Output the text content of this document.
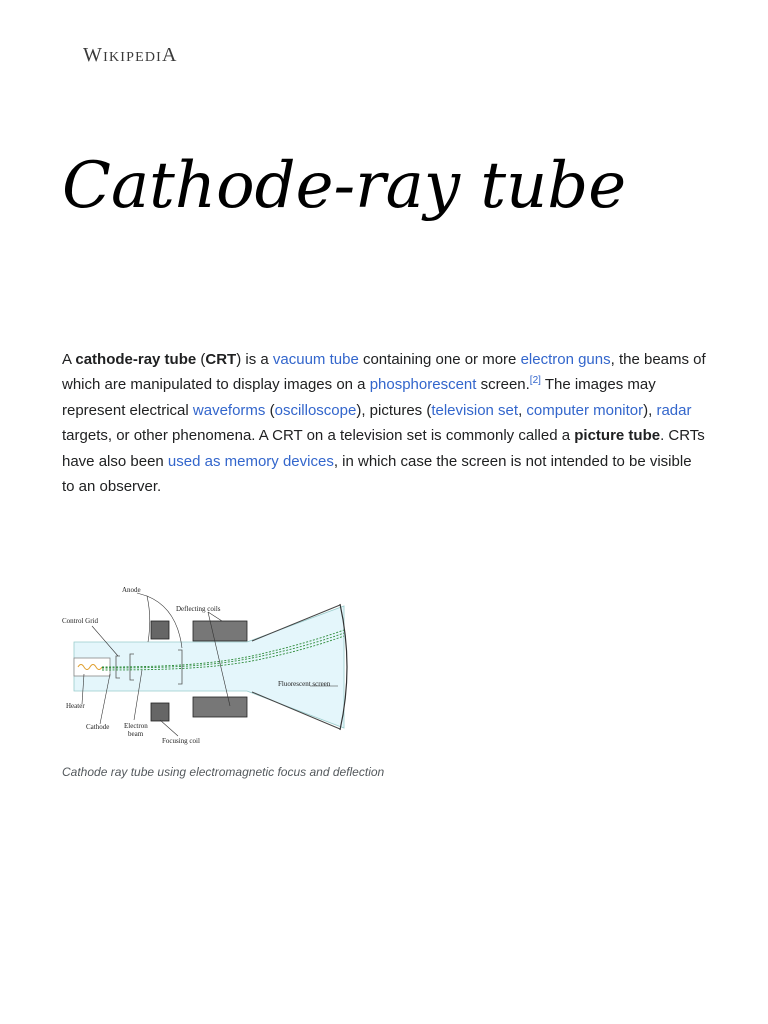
WikipediA
Cathode-ray tube

A cathode-ray tube (CRT) is a vacuum tube containing one or more electron guns, the beams of which are manipulated to display images on a phosphorescent screen.[2] The images may represent electrical waveforms (oscilloscope), pictures (television set, computer monitor), radar targets, or other phenomena. A CRT on a television set is commonly called a picture tube. CRTs have also been used as memory devices, in which case the screen is not intended to be visible to an observer.

Anode
Deflecting coils
Control Grid
Fluorescent screen
Heater
Cathode Electron
beam
Focusing coil
Cathode ray tube using electromagnetic focus and deflection
